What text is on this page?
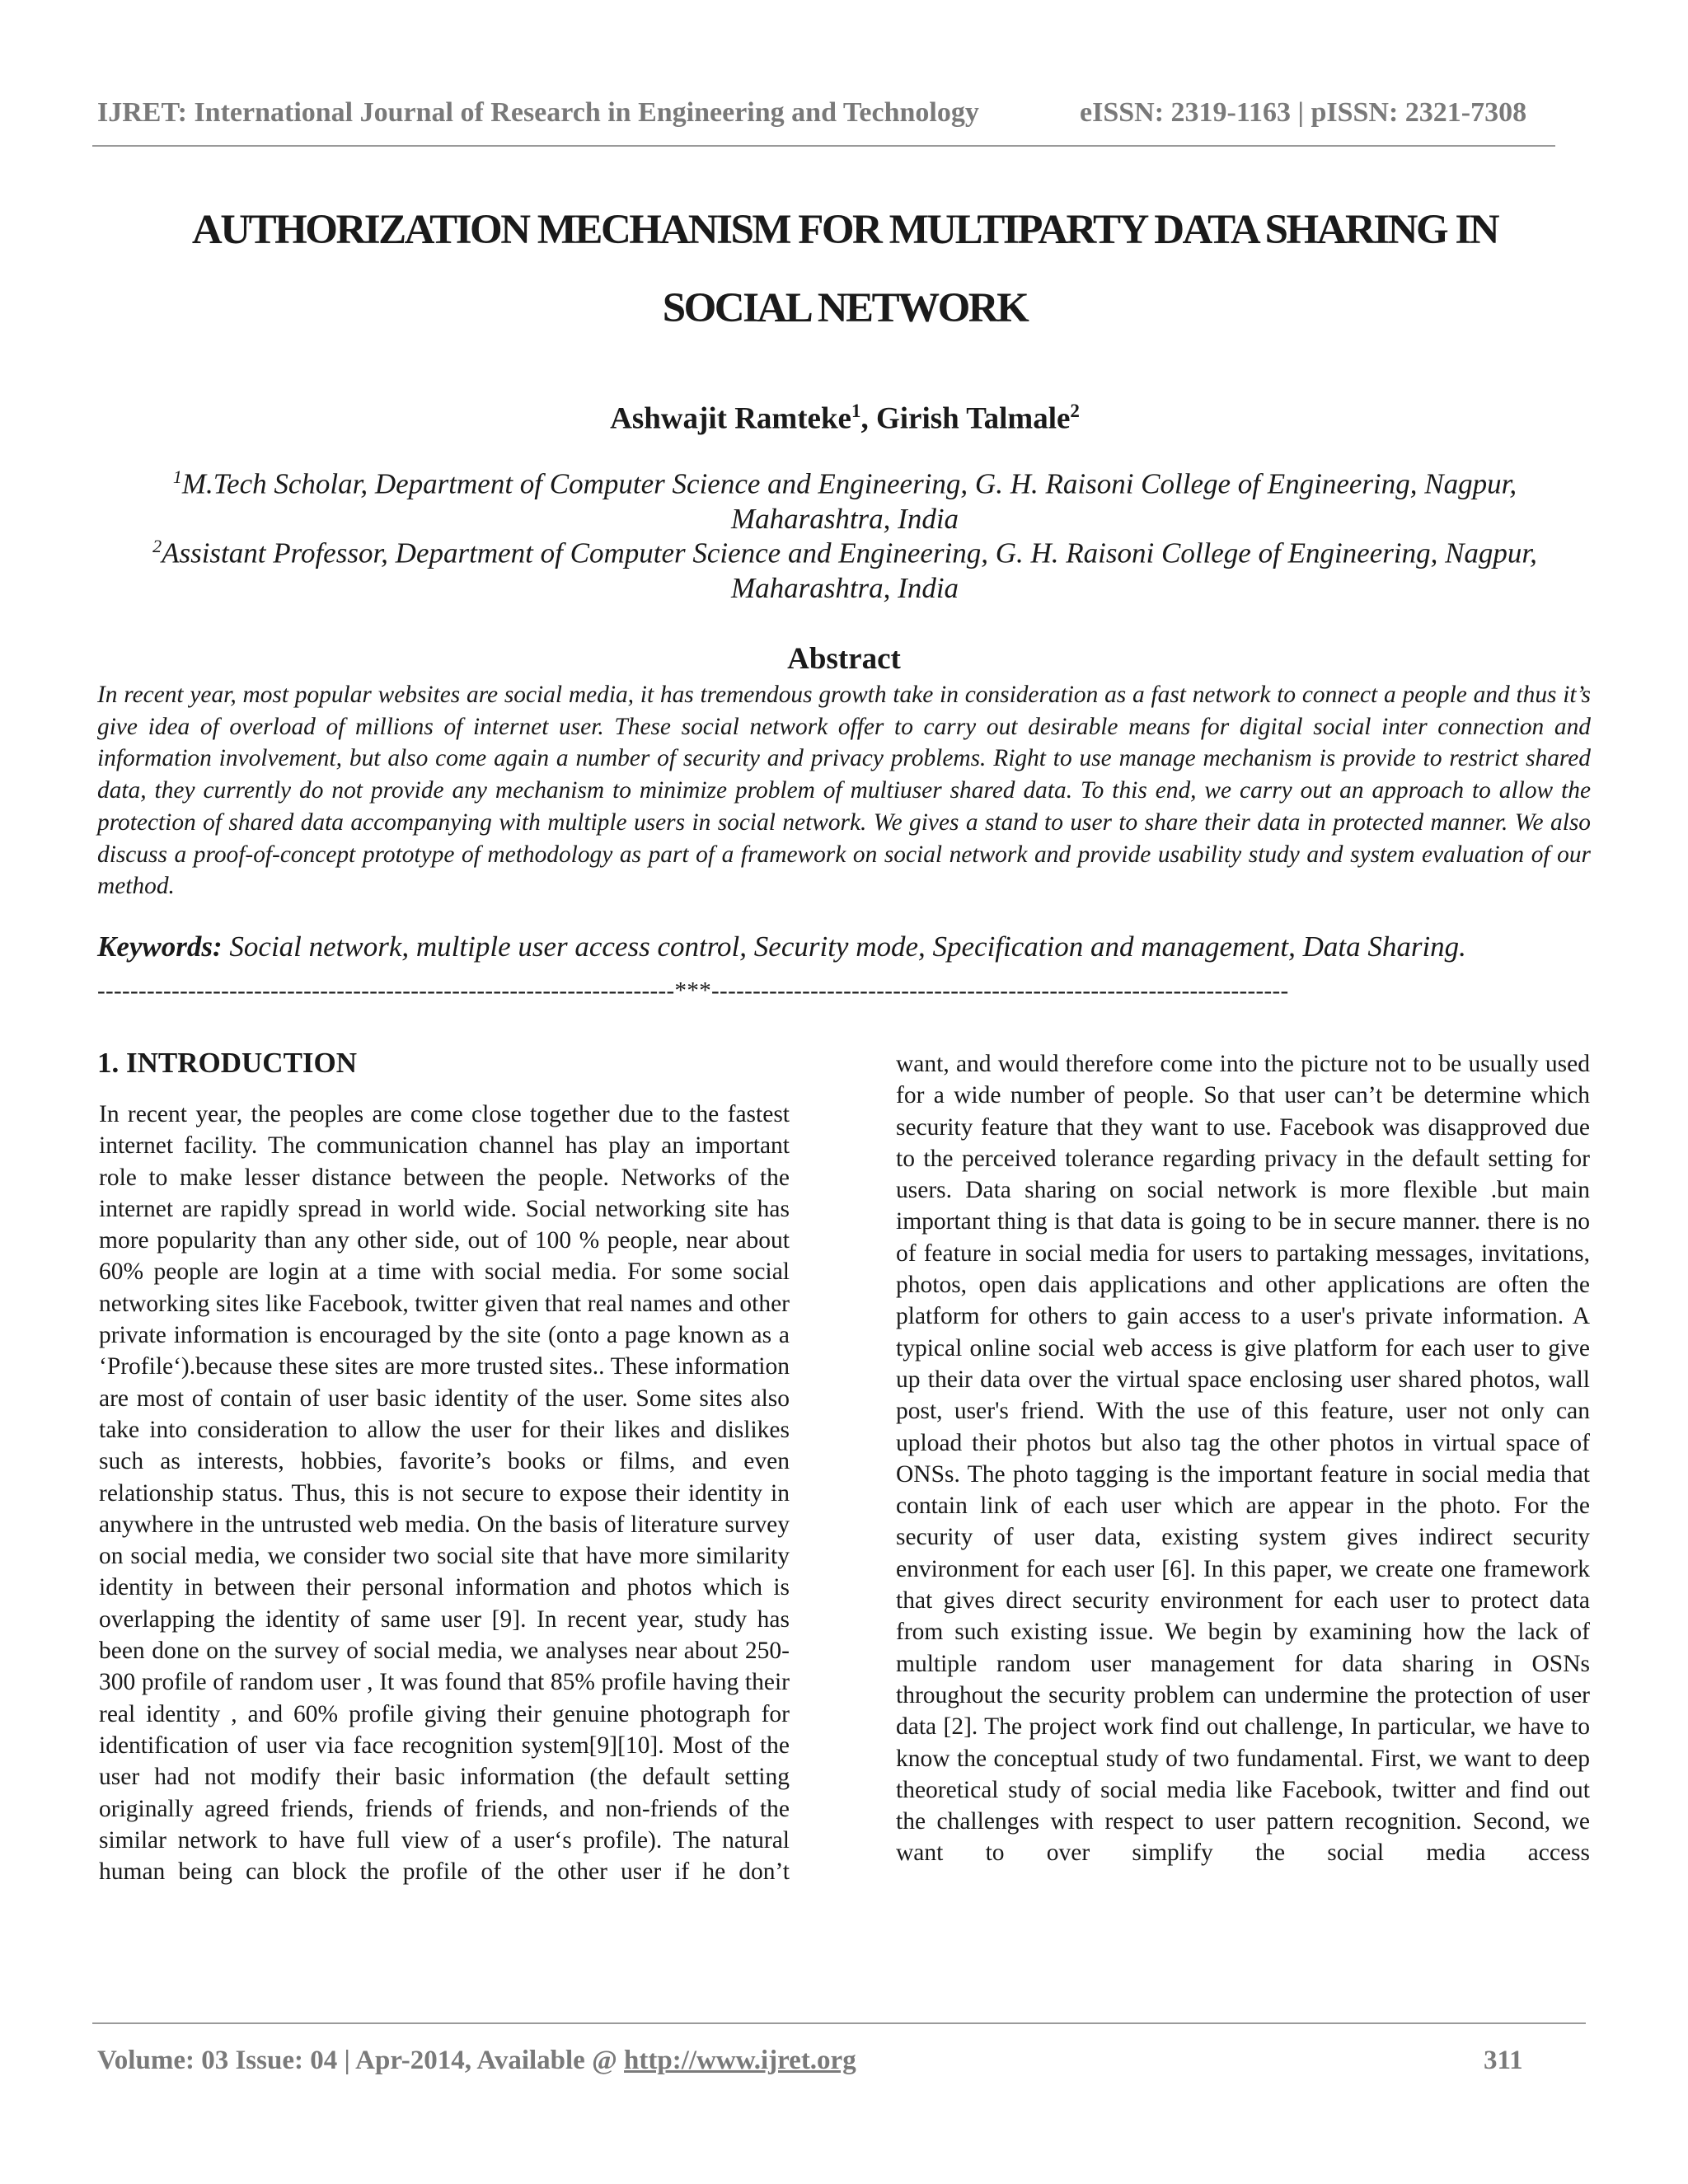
IJRET: International Journal of Research in Engineering and Technology	eISSN: 2319-1163 | pISSN: 2321-7308
AUTHORIZATION MECHANISM FOR MULTIPARTY DATA SHARING IN
SOCIAL NETWORK
Ashwajit Ramteke$^1$, Girish Talmale$^2$
$^1$M.Tech Scholar, Department of Computer Science and Engineering, G. H. Raisoni College of Engineering, Nagpur, Maharashtra, India
$^2$Assistant Professor, Department of Computer Science and Engineering, G. H. Raisoni College of Engineering, Nagpur, Maharashtra, India
Abstract
In recent year, most popular websites are social media, it has tremendous growth take in consideration as a fast network to connect a people and thus it’s give idea of overload of millions of internet user. These social network offer to carry out desirable means for digital social inter connection and information involvement, but also come again a number of security and privacy problems. Right to use manage mechanism is provide to restrict shared data, they currently do not provide any mechanism to minimize problem of multiuser shared data. To this end, we carry out an approach to allow the protection of shared data accompanying with multiple users in social network. We gives a stand to user to share their data in protected manner. We also discuss a proof-of-concept prototype of methodology as part of a framework on social network and provide usability study and system evaluation of our method.
Keywords: Social network, multiple user access control, Security mode, Specification and management, Data Sharing.
----------------------------------------------------------------------***----------------------------------------------------------------------
1. INTRODUCTION
In recent year, the peoples are come close together due to the fastest internet facility. The communication channel has play an important role to make lesser distance between the people. Networks of the internet are rapidly spread in world wide. Social networking site has more popularity than any other side, out of 100 % people, near about 60% people are login at a time with social media. For some social networking sites like Facebook, twitter given that real names and other private information is encouraged by the site (onto a page known as a ‘Profile‘).because these sites are more trusted sites.. These information are most of contain of user basic identity of the user. Some sites also take into consideration to allow the user for their likes and dislikes such as interests, hobbies, favorite’s books or films, and even relationship status. Thus, this is not secure to expose their identity in anywhere in the untrusted web media. On the basis of literature survey on social media, we consider two social site that have more similarity identity in between their personal information and photos which is overlapping the identity of same user [9]. In recent year, study has been done on the survey of social media, we analyses near about 250-300 profile of random user , It was found that 85% profile having their real identity , and 60% profile giving their genuine photograph for identification of user via face recognition system[9][10]. Most of the user had not modify their basic information (the default setting originally agreed friends, friends of friends, and non-friends of the similar network to have full view of a user‘s profile). The natural human being can block the profile of the other user if he don’t
want, and would therefore come into the picture not to be usually used for a wide number of people. So that user can’t be determine which security feature that they want to use. Facebook was disapproved due to the perceived tolerance regarding privacy in the default setting for users. Data sharing on social network is more flexible .but main important thing is that data is going to be in secure manner. there is no of feature in social media for users to partaking messages, invitations, photos, open dais applications and other applications are often the platform for others to gain access to a user's private information. A typical online social web access is give platform for each user to give up their data over the virtual space enclosing user shared photos, wall post, user's friend. With the use of this feature, user not only can upload their photos but also tag the other photos in virtual space of ONSs. The photo tagging is the important feature in social media that contain link of each user which are appear in the photo. For the security of user data, existing system gives indirect security environment for each user [6]. In this paper, we create one framework that gives direct security environment for each user to protect data from such existing issue. We begin by examining how the lack of multiple random user management for data sharing in OSNs throughout the security problem can undermine the protection of user data [2]. The project work find out challenge, In particular, we have to know the conceptual study of two fundamental. First, we want to deep theoretical study of social media like Facebook, twitter and find out the challenges with respect to user pattern recognition. Second, we want to over simplify the social media access
Volume: 03 Issue: 04 | Apr-2014, Available @ http://www.ijret.org	311
